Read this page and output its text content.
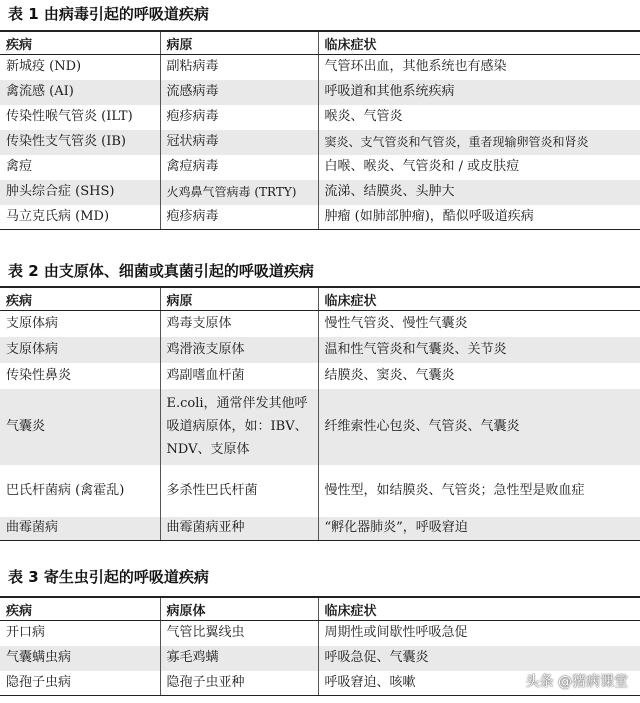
表 1 由病毒引起的呼吸道疾病
疾病	病原	临床症状
新城疫 (ND)	副粘病毒	气管环出血，其他系统也有感染
禽流感 (AI)	流感病毒	呼吸道和其他系统疾病
传染性喉气管炎 (ILT)	疱疹病毒	喉炎、气管炎
传染性支气管炎 (IB)	冠状病毒	窦炎、支气管炎和气管炎，重者现输卵管炎和肾炎
禽痘	禽痘病毒	白喉、喉炎、气管炎和 / 或皮肤痘
肿头综合症 (SHS)	火鸡鼻气管病毒 (TRTY)	流涕、结膜炎、头肿大
马立克氏病 (MD)	疱疹病毒	肿瘤 (如肺部肿瘤)，酷似呼吸道疾病
表 2 由支原体、细菌或真菌引起的呼吸道疾病
疾病	病原	临床症状
支原体病	鸡毒支原体	慢性气管炎、慢性气囊炎
支原体病	鸡滑液支原体	温和性气管炎和气囊炎、关节炎
传染性鼻炎	鸡副嗜血杆菌	结膜炎、窦炎、气囊炎
气囊炎	E.coli，通常伴发其他呼吸道病原体，如：IBV、NDV、支原体	纤维索性心包炎、气管炎、气囊炎
巴氏杆菌病 (禽霍乱)	多杀性巴氏杆菌	慢性型，如结膜炎、气管炎；急性型是败血症
曲霉菌病	曲霉菌病亚种	“孵化器肺炎”，呼吸窘迫
表 3 寄生虫引起的呼吸道疾病
疾病	病原体	临床症状
开口病	气管比翼线虫	周期性或间歇性呼吸急促
气囊螨虫病	寡毛鸡螨	呼吸急促、气囊炎
隐孢子虫病	隐孢子虫亚种	呼吸窘迫、咳嗽	头条 @猪病课堂
